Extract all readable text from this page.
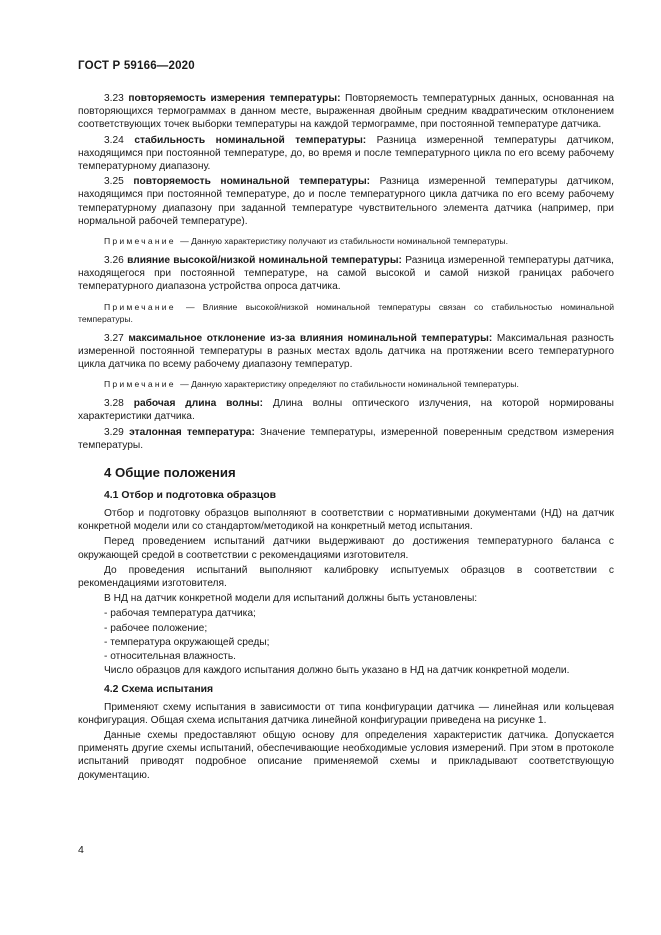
ГОСТ Р 59166—2020

3.23 повторяемость измерения температуры: Повторяемость температурных данных, основанная на повторяющихся термограммах в данном месте, выраженная двойным средним квадратическим отклонением соответствующих точек выборки температуры на каждой термограмме, при постоянной температуре датчика.

3.24 стабильность номинальной температуры: Разница измеренной температуры датчиком, находящимся при постоянной температуре, до, во время и после температурного цикла по его всему рабочему температурному диапазону.

3.25 повторяемость номинальной температуры: Разница измеренной температуры датчиком, находящимся при постоянной температуре, до и после температурного цикла датчика по его всему рабочему температурному диапазону при заданной температуре чувствительного элемента датчика (например, при нормальной рабочей температуре).

Примечание — Данную характеристику получают из стабильности номинальной температуры.

3.26 влияние высокой/низкой номинальной температуры: Разница измеренной температуры датчика, находящегося при постоянной температуре, на самой высокой и самой низкой границах рабочего температурного диапазона устройства опроса датчика.

Примечание — Влияние высокой/низкой номинальной температуры связан со стабильностью номинальной температуры.

3.27 максимальное отклонение из-за влияния номинальной температуры: Максимальная разность измеренной постоянной температуры в разных местах вдоль датчика на протяжении всего температурного цикла датчика по всему рабочему диапазону температур.

Примечание — Данную характеристику определяют по стабильности номинальной температуры.

3.28 рабочая длина волны: Длина волны оптического излучения, на которой нормированы характеристики датчика.

3.29 эталонная температура: Значение температуры, измеренной поверенным средством измерения температуры.

4 Общие положения
4.1 Отбор и подготовка образцов

Отбор и подготовку образцов выполняют в соответствии с нормативными документами (НД) на датчик конкретной модели или со стандартом/методикой на конкретный метод испытания.

Перед проведением испытаний датчики выдерживают до достижения температурного баланса с окружающей средой в соответствии с рекомендациями изготовителя.

До проведения испытаний выполняют калибровку испытуемых образцов в соответствии с рекомендациями изготовителя.

В НД на датчик конкретной модели для испытаний должны быть установлены:

- рабочая температура датчика;
- рабочее положение;
- температура окружающей среды;
- относительная влажность.

Число образцов для каждого испытания должно быть указано в НД на датчик конкретной модели.

4.2 Схема испытания

Применяют схему испытания в зависимости от типа конфигурации датчика — линейная или кольцевая конфигурация. Общая схема испытания датчика линейной конфигурации приведена на рисунке 1.

Данные схемы предоставляют общую основу для определения характеристик датчика. Допускается применять другие схемы испытаний, обеспечивающие необходимые условия измерений. При этом в протоколе испытаний приводят подробное описание применяемой схемы и прикладывают соответствующую документацию.

4
